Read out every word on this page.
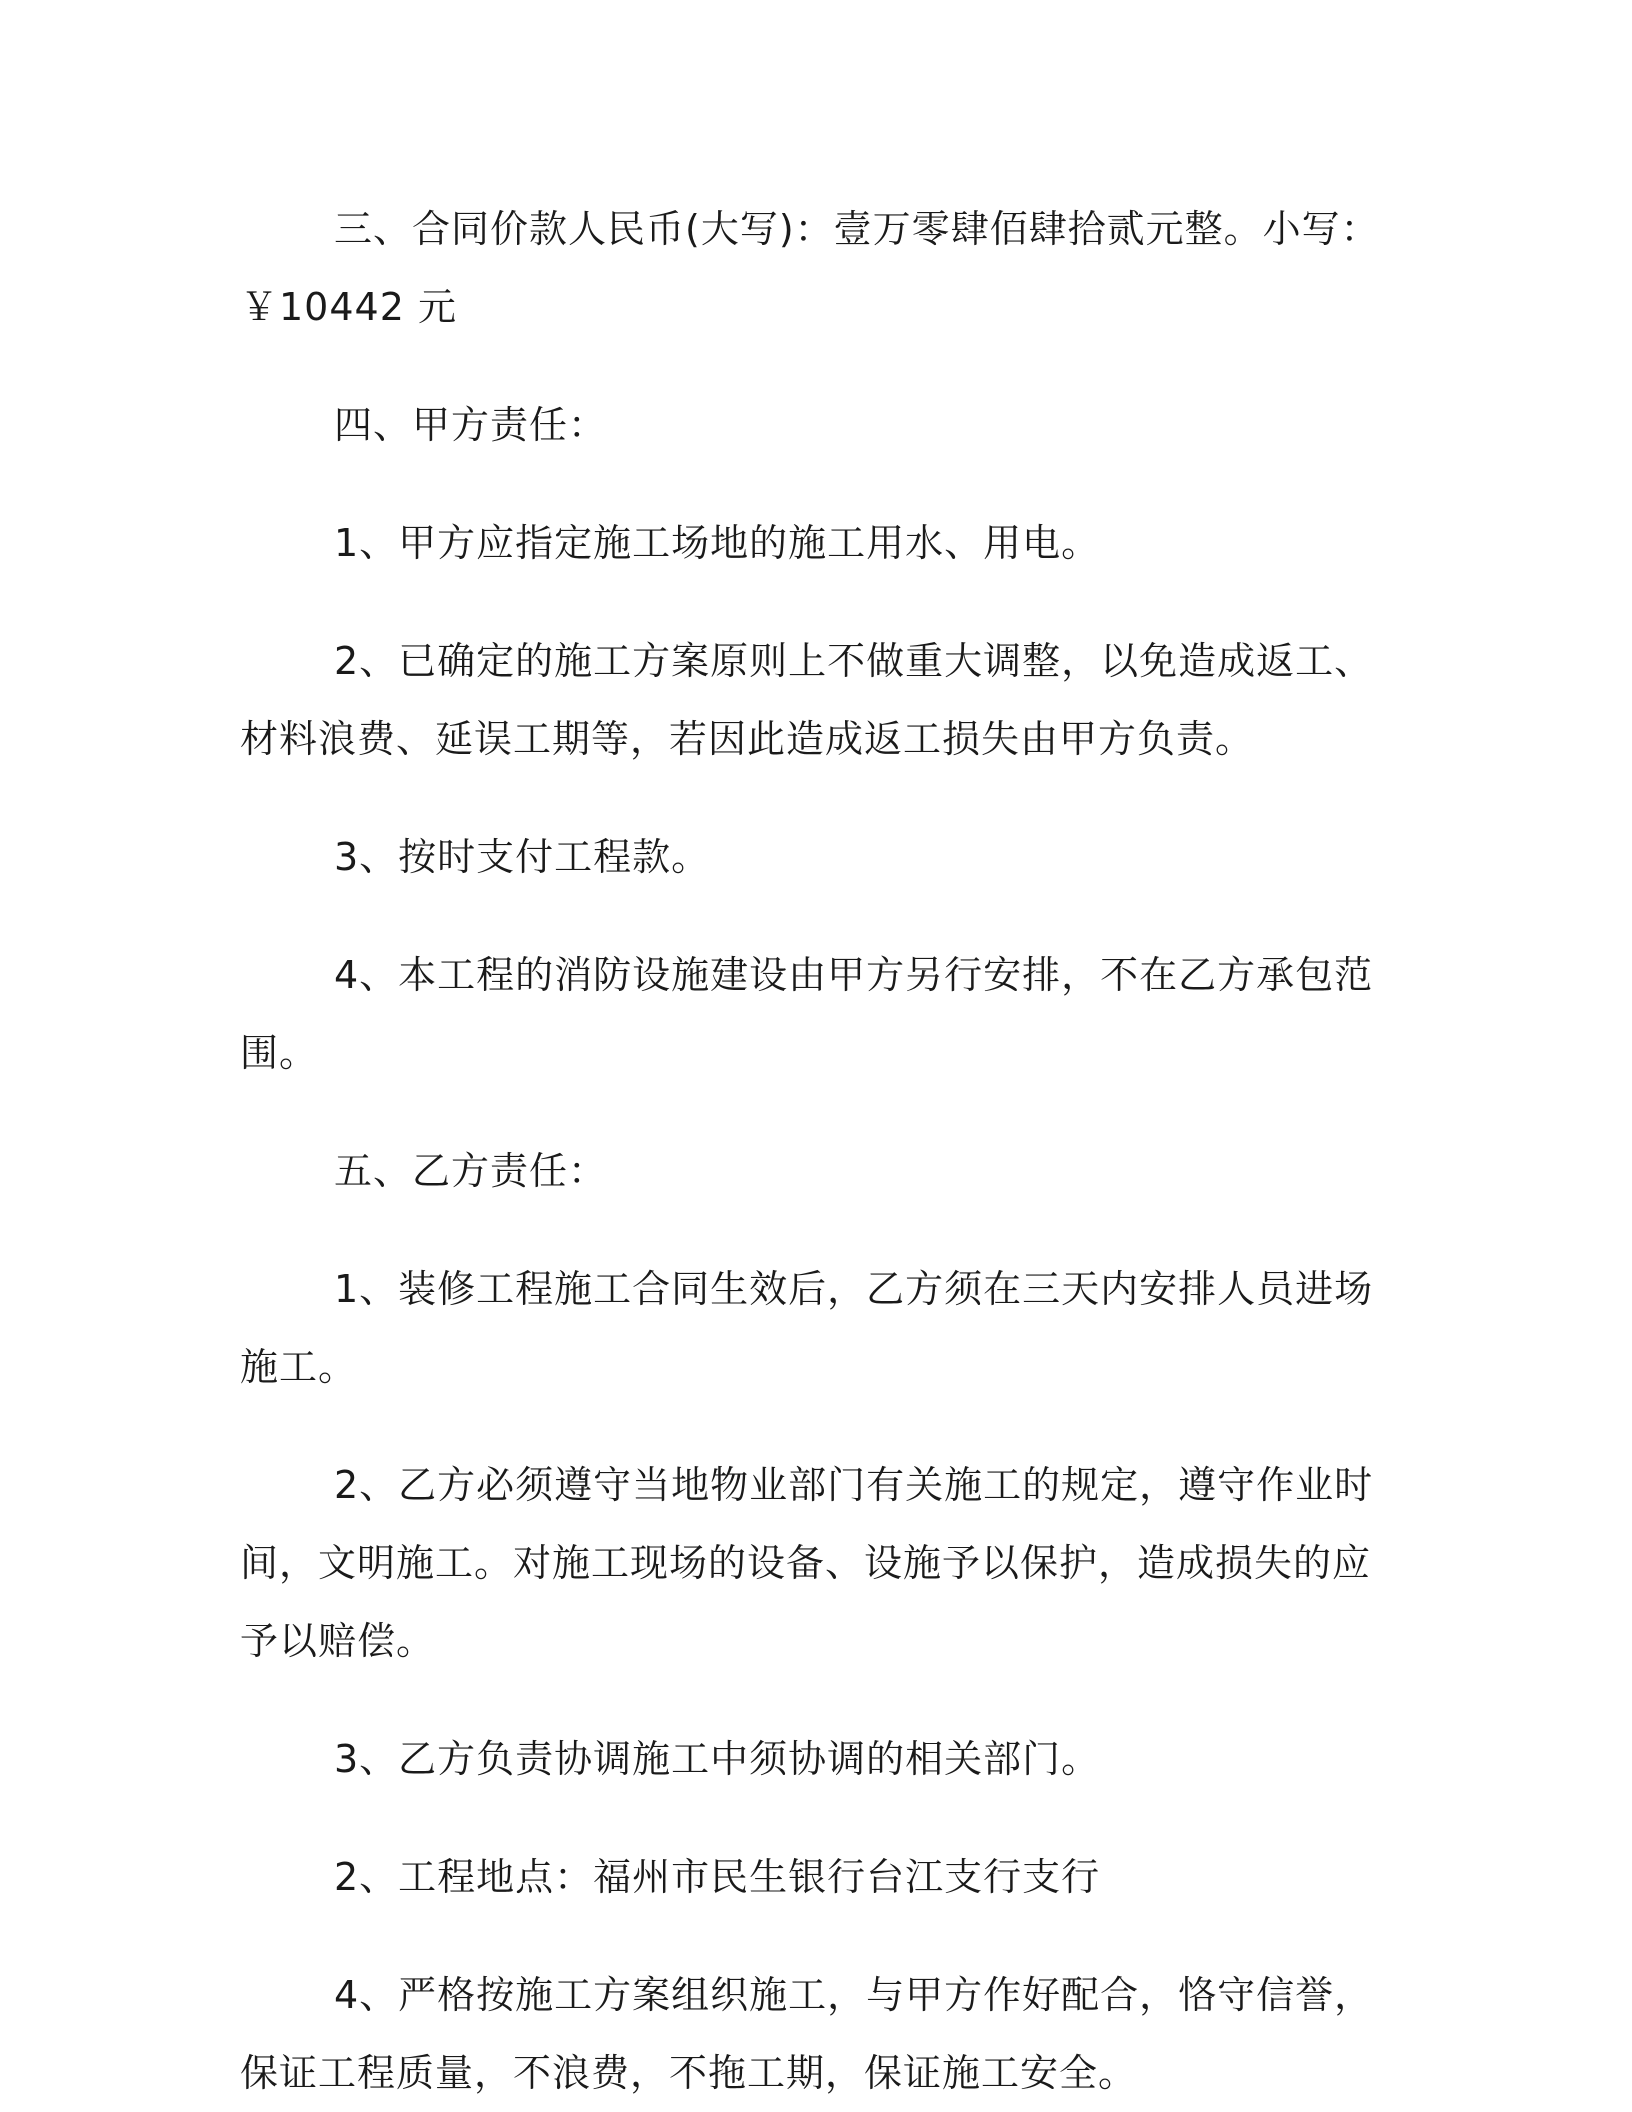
三、合同价款人民币(大写)：壹万零肆佰肆拾贰元整。小写：￥10442 元

四、甲方责任：

1、甲方应指定施工场地的施工用水、用电。

2、已确定的施工方案原则上不做重大调整，以免造成返工、材料浪费、延误工期等，若因此造成返工损失由甲方负责。

3、按时支付工程款。

4、本工程的消防设施建设由甲方另行安排，不在乙方承包范围。

五、乙方责任：

1、装修工程施工合同生效后，乙方须在三天内安排人员进场施工。

2、乙方必须遵守当地物业部门有关施工的规定，遵守作业时间，文明施工。对施工现场的设备、设施予以保护，造成损失的应予以赔偿。

3、乙方负责协调施工中须协调的相关部门。

2、工程地点：福州市民生银行台江支行支行

4、严格按施工方案组织施工，与甲方作好配合，恪守信誉，保证工程质量，不浪费，不拖工期，保证施工安全。
